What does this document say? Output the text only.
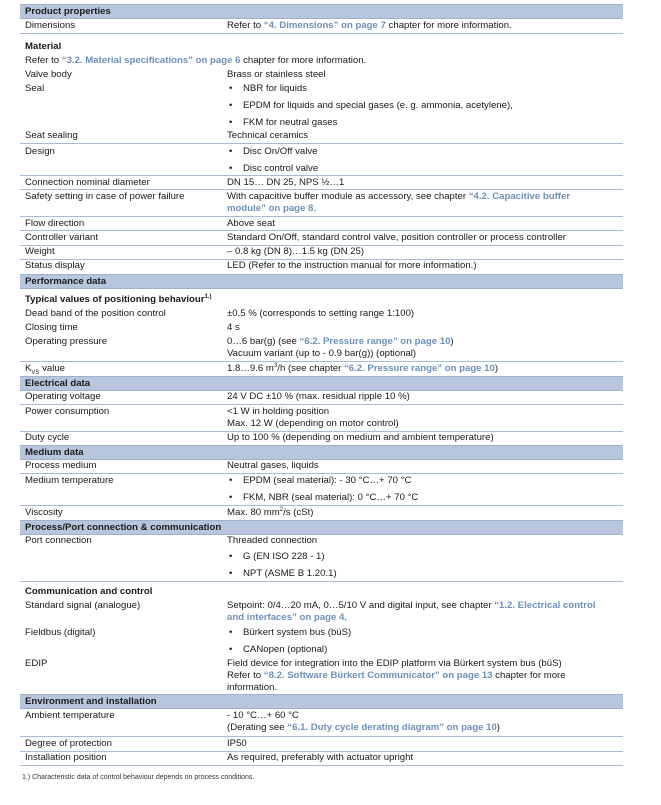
Product properties
Dimensions	Refer to “4. Dimensions” on page 7 chapter for more information.
Material
Refer to “3.2. Material specifications” on page 6 chapter for more information.
Valve body	Brass or stainless steel
Seal	• NBR for liquids
• EPDM for liquids and special gases (e. g. ammonia, acetylene),
• FKM for neutral gases
Seat sealing	Technical ceramics
Design	• Disc On/Off valve
• Disc control valve
Connection nominal diameter	DN 15… DN 25, NPS ½…1
Safety setting in case of power failure	With capacitive buffer module as accessory, see chapter “4.2. Capacitive buffer
module” on page 8.
Flow direction	Above seat
Controller variant	Standard On/Off, standard control valve, position controller or process controller
Weight	– 0.8 kg (DN 8)…1.5 kg (DN 25)
Status display	LED (Refer to the instruction manual for more information.)
Performance data
Typical values of positioning behaviour$^{1.)}$
Dead band of the position control	±0.5 % (corresponds to setting range 1:100)
Closing time	4 s
Operating pressure	0…6 bar(g) (see “6.2. Pressure range” on page 10)
Vacuum variant (up to - 0.9 bar(g)) (optional)
$K_{VS}$ value	1.8…9.6 $m^3/h$ (see chapter “6.2. Pressure range” on page 10)
Electrical data
Operating voltage	24 V DC ±10 % (max. residual ripple 10 %)
Power consumption	<1 W in holding position
Max. 12 W (depending on motor control)
Duty cycle	Up to 100 % (depending on medium and ambient temperature)
Medium data
Process medium	Neutral gases, liquids
Medium temperature	• EPDM (seal material): - 30 °C…+ 70 °C
• FKM, NBR (seal material): 0 °C…+ 70 °C
Viscosity	Max. 80 $mm^2/s$ (cSt)
Process/Port connection & communication
Port connection	Threaded connection
• G (EN ISO 228 - 1)
• NPT (ASME B 1.20.1)
Communication and control
Standard signal (analogue)	Setpoint: 0/4…20 mA, 0…5/10 V and digital input, see chapter “1.2. Electrical control
and interfaces” on page 4.
Fieldbus (digital)	• Bürkert system bus (büS)
• CANopen (optional)
EDIP	Field device for integration into the EDIP platform via Bürkert system bus (büS)
Refer to “8.2. Software Bürkert Communicator” on page 13 chapter for more
information.
Environment and installation
Ambient temperature	- 10 °C…+ 60 °C
(Derating see “6.1. Duty cycle derating diagram” on page 10)
Degree of protection	IP50
Installation position	As required, preferably with actuator upright
1.) Characteristic data of control behaviour depends on process conditions.
